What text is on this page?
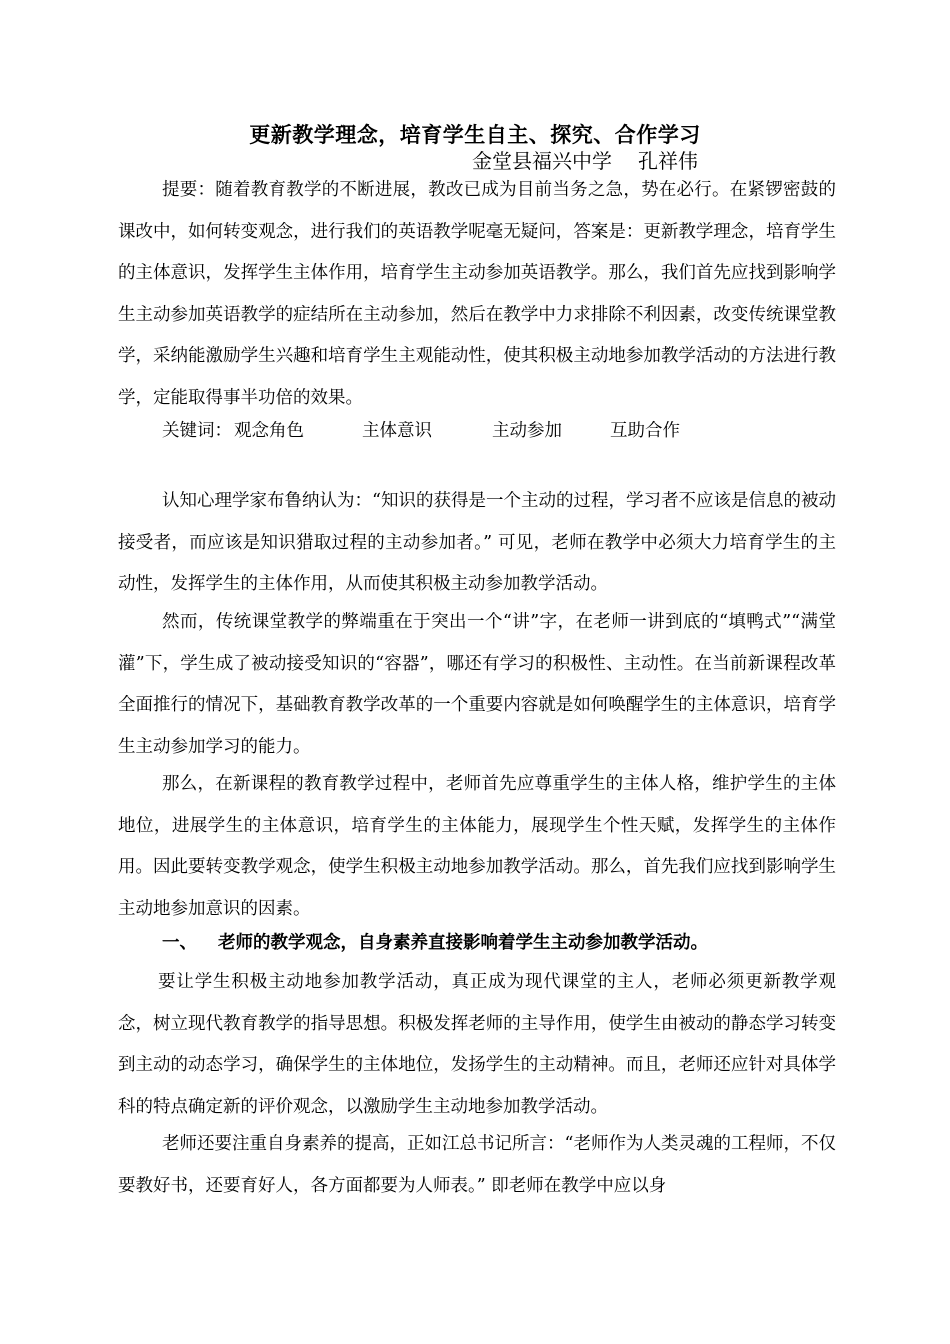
更新教学理念，培育学生自主、探究、合作学习
金堂县福兴中学 孔祥伟

提要：随着教育教学的不断进展，教改已成为目前当务之急，势在必行。在紧锣密鼓的课改中，如何转变观念，进行我们的英语教学呢毫无疑问，答案是：更新教学理念，培育学生的主体意识，发挥学生主体作用，培育学生主动参加英语教学。那么，我们首先应找到影响学生主动参加英语教学的症结所在主动参加，然后在教学中力求排除不利因素，改变传统课堂教学，采纳能激励学生兴趣和培育学生主观能动性，使其积极主动地参加教学活动的方法进行教学，定能取得事半功倍的效果。

关键词： 观念角色	主体意识	主动参加	互助合作

认知心理学家布鲁纳认为：“知识的获得是一个主动的过程，学习者不应该是信息的被动接受者，而应该是知识猎取过程的主动参加者。” 可见，老师在教学中必须大力培育学生的主动性，发挥学生的主体作用，从而使其积极主动参加教学活动。

然而，传统课堂教学的弊端重在于突出一个“讲”字，在老师一讲到底的“填鸭式”“满堂灌”下，学生成了被动接受知识的“容器”，哪还有学习的积极性、主动性。在当前新课程改革全面推行的情况下，基础教育教学改革的一个重要内容就是如何唤醒学生的主体意识，培育学生主动参加学习的能力。

那么，在新课程的教育教学过程中，老师首先应尊重学生的主体人格，维护学生的主体地位，进展学生的主体意识，培育学生的主体能力，展现学生个性天赋，发挥学生的主体作用。因此要转变教学观念，使学生积极主动地参加教学活动。那么，首先我们应找到影响学生主动地参加意识的因素。

一、 老师的教学观念，自身素养直接影响着学生主动参加教学活动。

要让学生积极主动地参加教学活动，真正成为现代课堂的主人，老师必须更新教学观念，树立现代教育教学的指导思想。积极发挥老师的主导作用，使学生由被动的静态学习转变到主动的动态学习，确保学生的主体地位，发扬学生的主动精神。而且，老师还应针对具体学科的特点确定新的评价观念，以激励学生主动地参加教学活动。

老师还要注重自身素养的提高，正如江总书记所言：“老师作为人类灵魂的工程师，不仅要教好书，还要育好人，各方面都要为人师表。” 即老师在教学中应以身
